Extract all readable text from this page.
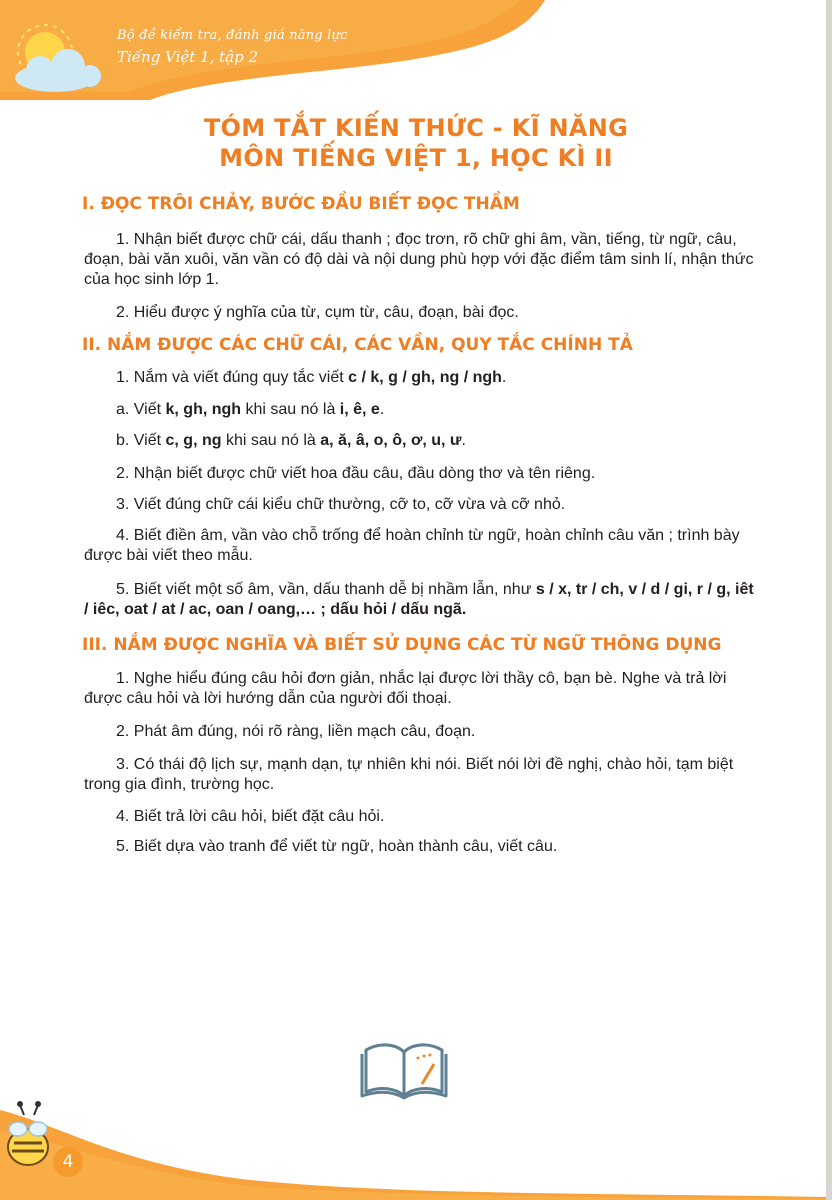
Bộ đề kiểm tra, đánh giá năng lực
Tiếng Việt 1, tập 2
TÓM TẮT KIẾN THỨC - KĨ NĂNG
MÔN TIẾNG VIỆT 1, HỌC KÌ II
I. ĐỌC TRÔI CHẢY, BƯỚC ĐẦU BIẾT ĐỌC THẦM
1. Nhận biết được chữ cái, dấu thanh ; đọc trơn, rõ chữ ghi âm, vần, tiếng, từ ngữ, câu, đoạn, bài văn xuôi, văn vần có độ dài và nội dung phù hợp với đặc điểm tâm sinh lí, nhận thức của học sinh lớp 1.
2. Hiểu được ý nghĩa của từ, cụm từ, câu, đoạn, bài đọc.
II. NẮM ĐƯỢC CÁC CHỮ CÁI, CÁC VẦN, QUY TẮC CHÍNH TẢ
1. Nắm và viết đúng quy tắc viết c / k, g / gh, ng / ngh.
a. Viết k, gh, ngh khi sau nó là i, ê, e.
b. Viết c, g, ng khi sau nó là a, ă, â, o, ô, ơ, u, ư.
2. Nhận biết được chữ viết hoa đầu câu, đầu dòng thơ và tên riêng.
3. Viết đúng chữ cái kiểu chữ thường, cỡ to, cỡ vừa và cỡ nhỏ.
4. Biết điền âm, vần vào chỗ trống để hoàn chỉnh từ ngữ, hoàn chỉnh câu văn ; trình bày được bài viết theo mẫu.
5. Biết viết một số âm, vần, dấu thanh dễ bị nhầm lẫn, như s / x, tr / ch, v / d / gi, r / g, iêt / iêc, oat / at / ac, oan / oang,… ; dấu hỏi / dấu ngã.
III. NẮM ĐƯỢC NGHĨA VÀ BIẾT SỬ DỤNG CÁC TỪ NGỮ THÔNG DỤNG
1. Nghe hiểu đúng câu hỏi đơn giản, nhắc lại được lời thầy cô, bạn bè. Nghe và trả lời được câu hỏi và lời hướng dẫn của người đối thoại.
2. Phát âm đúng, nói rõ ràng, liền mạch câu, đoạn.
3. Có thái độ lịch sự, mạnh dạn, tự nhiên khi nói. Biết nói lời đề nghị, chào hỏi, tạm biệt trong gia đình, trường học.
4. Biết trả lời câu hỏi, biết đặt câu hỏi.
5. Biết dựa vào tranh để viết từ ngữ, hoàn thành câu, viết câu.
4
